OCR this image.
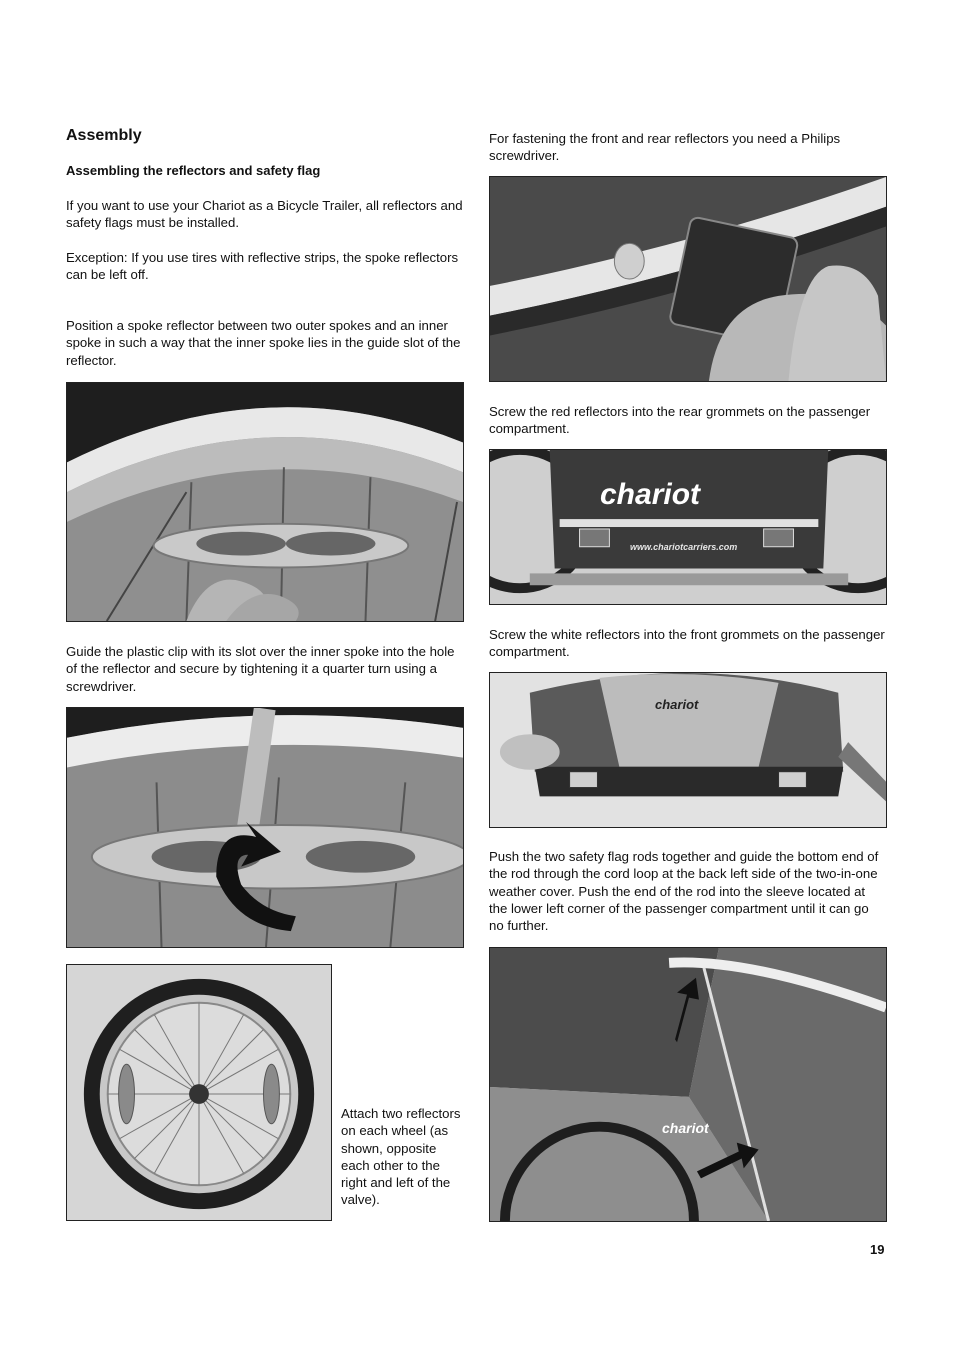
Assembly
Assembling the reflectors and safety flag

If you want to use your Chariot as a Bicycle Trailer, all reflectors and safety flags must be installed.

Exception: If you use tires with reflective strips, the spoke reflectors can be left off.

Position a spoke reflector between two outer spokes and an inner spoke in such a way that the inner spoke lies in the guide slot of the reflector.

Guide the plastic clip with its slot over the inner spoke into the hole of the reflector and secure by tightening it a quarter turn using a screwdriver.

Attach two reflectors on each wheel (as shown, opposite each other to the right and left of the valve).

For fastening the front and rear reflectors you need a Philips screwdriver.

Screw the red reflectors into the rear grommets on the passenger compartment.

chariot
www.chariotcarriers.com

Screw the white reflectors into the front grommets on the passenger compartment.

chariot

Push the two safety flag rods together and guide the bottom end of the rod through the cord loop at the back left side of the two-in-one weather cover. Push the end of the rod into the sleeve located at the lower left corner of the passenger compartment until it can go no further.

chariot
19
